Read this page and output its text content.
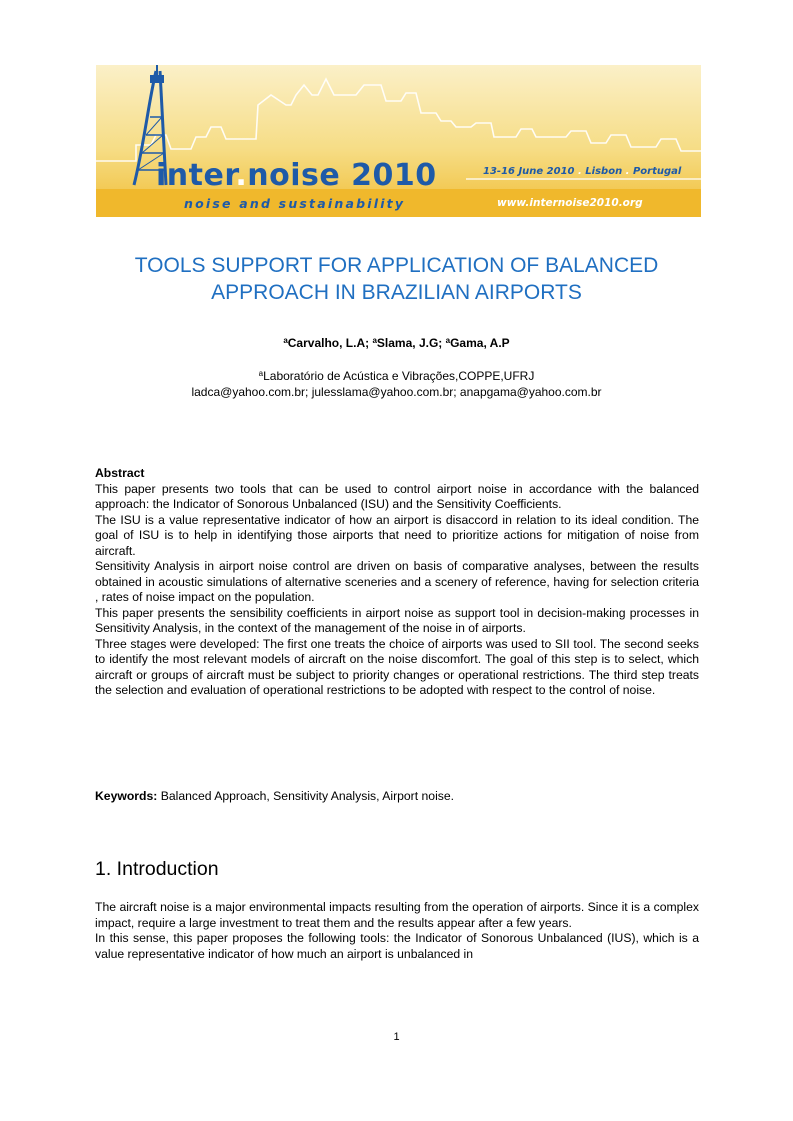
inter.noise 2010
noise and sustainability
13-16 June 2010 . Lisbon . Portugal
www.internoise2010.org
TOOLS SUPPORT FOR APPLICATION OF BALANCED
APPROACH IN BRAZILIAN AIRPORTS
$^a$Carvalho, L.A; $^a$Slama, J.G; $^a$Gama, A.P
$^a$Laboratório de Acústica e Vibrações,COPPE,UFRJ
ladca@yahoo.com.br; julesslama@yahoo.com.br; anapgama@yahoo.com.br

Abstract

This paper presents two tools that can be used to control airport noise in accordance with the balanced approach: the Indicator of Sonorous Unbalanced (ISU) and the Sensitivity Coefficients.

The ISU is a value representative indicator of how an airport is disaccord in relation to its ideal condition. The goal of ISU is to help in identifying those airports that need to prioritize actions for mitigation of noise from aircraft.

Sensitivity Analysis in airport noise control are driven on basis of comparative analyses, between the results obtained in acoustic simulations of alternative sceneries and a scenery of reference, having for selection criteria , rates of noise impact on the population.

This paper presents the sensibility coefficients in airport noise as support tool in decision-making processes in Sensitivity Analysis, in the context of the management of the noise in of airports.

Three stages were developed: The first one treats the choice of airports was used to SII tool. The second seeks to identify the most relevant models of aircraft on the noise discomfort. The goal of this step is to select, which aircraft or groups of aircraft must be subject to priority changes or operational restrictions. The third step treats the selection and evaluation of operational restrictions to be adopted with respect to the control of noise.

Keywords: Balanced Approach, Sensitivity Analysis, Airport noise.

1. Introduction

The aircraft noise is a major environmental impacts resulting from the operation of airports. Since it is a complex impact, require a large investment to treat them and the results appear after a few years.

In this sense, this paper proposes the following tools: the Indicator of Sonorous Unbalanced (IUS), which is a value representative indicator of how much an airport is unbalanced in

1
